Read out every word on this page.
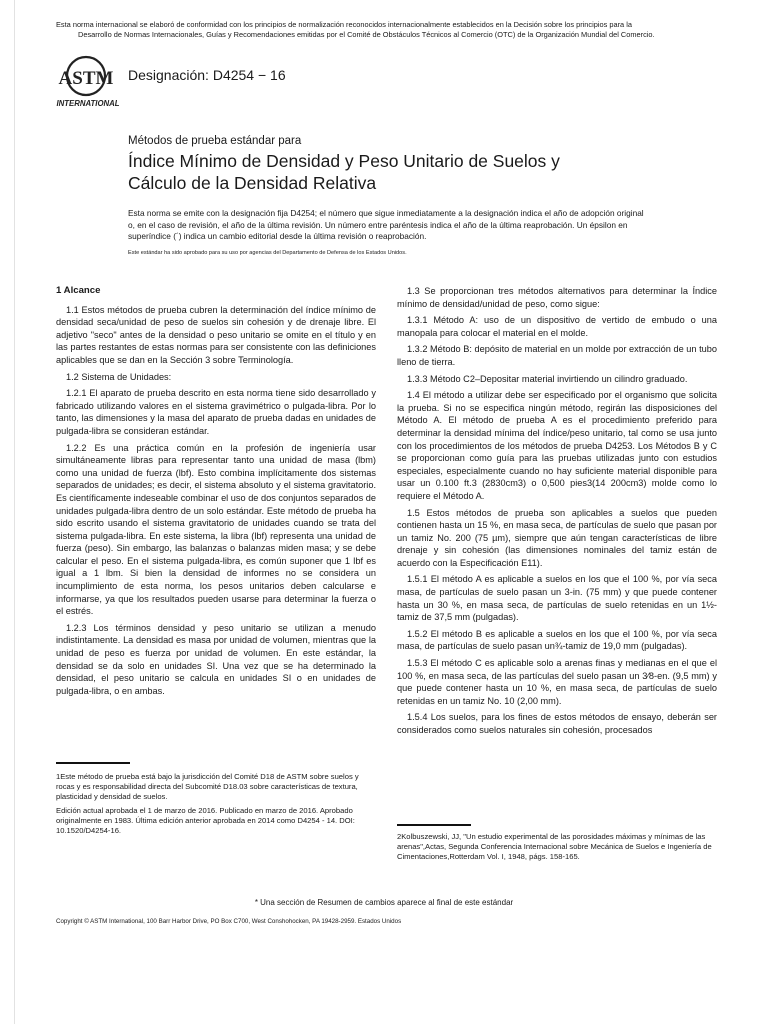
Esta norma internacional se elaboró de conformidad con los principios de normalización reconocidos internacionalmente establecidos en la Decisión sobre los principios para la
Desarrollo de Normas Internacionales, Guías y Recomendaciones emitidas por el Comité de Obstáculos Técnicos al Comercio (OTC) de la Organización Mundial del Comercio.
ASTM
INTERNATIONAL
Designación: D4254 − 16
Métodos de prueba estándar para
Índice Mínimo de Densidad y Peso Unitario de Suelos y
Cálculo de la Densidad Relativa
Esta norma se emite con la designación fija D4254; el número que sigue inmediatamente a la designación indica el año de adopción original o, en el caso de revisión, el año de la última revisión. Un número entre paréntesis indica el año de la última reaprobación. Un épsilon en superíndice (´) indica un cambio editorial desde la última revisión o reaprobación.
Este estándar ha sido aprobado para su uso por agencias del Departamento de Defensa de los Estados Unidos.

1 Alcance

1.1 Estos métodos de prueba cubren la determinación del índice mínimo de densidad seca/unidad de peso de suelos sin cohesión y de drenaje libre. El adjetivo "seco" antes de la densidad o peso unitario se omite en el título y en las partes restantes de estas normas para ser consistente con las definiciones aplicables que se dan en la Sección 3 sobre Terminología.

1.2 Sistema de Unidades:

1.2.1 El aparato de prueba descrito en esta norma tiene sido desarrollado y fabricado utilizando valores en el sistema gravimétrico o pulgada-libra. Por lo tanto, las dimensiones y la masa del aparato de prueba dadas en unidades de pulgada-libra se consideran estándar.

1.2.2 Es una práctica común en la profesión de ingeniería usar simultáneamente libras para representar tanto una unidad de masa (lbm) como una unidad de fuerza (lbf). Esto combina implícitamente dos sistemas separados de unidades; es decir, el sistema absoluto y el sistema gravitatorio. Es científicamente indeseable combinar el uso de dos conjuntos separados de unidades pulgada-libra dentro de un solo estándar. Este método de prueba ha sido escrito usando el sistema gravitatorio de unidades cuando se trata del sistema pulgada-libra. En este sistema, la libra (lbf) representa una unidad de fuerza (peso). Sin embargo, las balanzas o balanzas miden masa; y se debe calcular el peso. En el sistema pulgada-libra, es común suponer que 1 lbf es igual a 1 lbm. Si bien la densidad de informes no se considera un incumplimiento de esta norma, los pesos unitarios deben calcularse e informarse, ya que los resultados pueden usarse para determinar la fuerza o el estrés.

1.2.3 Los términos densidad y peso unitario se utilizan a menudo indistintamente. La densidad es masa por unidad de volumen, mientras que la unidad de peso es fuerza por unidad de volumen. En este estándar, la densidad se da solo en unidades SI. Una vez que se ha determinado la densidad, el peso unitario se calcula en unidades SI o en unidades de pulgada-libra, o en ambas.

1.3 Se proporcionan tres métodos alternativos para determinar la Índice mínimo de densidad/unidad de peso, como sigue:

1.3.1 Método A: uso de un dispositivo de vertido de embudo o una manopala para colocar el material en el molde.

1.3.2 Método B: depósito de material en un molde por extracción de un tubo lleno de tierra.

1.3.3 Método C2–Depositar material invirtiendo un cilindro graduado.

1.4 El método a utilizar debe ser especificado por el organismo que solicita la prueba. Si no se especifica ningún método, regirán las disposiciones del Método A. El método de prueba A es el procedimiento preferido para determinar la densidad mínima del índice/peso unitario, tal como se usa junto con los procedimientos de los métodos de prueba D4253. Los Métodos B y C se proporcionan como guía para las pruebas utilizadas junto con estudios especiales, especialmente cuando no hay suficiente material disponible para usar un 0.100 ft.3 (2830cm3) o 0,500 pies3(14 200cm3) molde como lo requiere el Método A.

1.5 Estos métodos de prueba son aplicables a suelos que pueden contienen hasta un 15 %, en masa seca, de partículas de suelo que pasan por un tamiz No. 200 (75 µm), siempre que aún tengan características de libre drenaje y sin cohesión (las dimensiones nominales del tamiz están de acuerdo con la Especificación E11).

1.5.1 El método A es aplicable a suelos en los que el 100 %, por vía seca masa, de partículas de suelo pasan un 3-in. (75 mm) y que puede contener hasta un 30 %, en masa seca, de partículas de suelo retenidas en un 1½-tamiz de 37,5 mm (pulgadas).

1.5.2 El método B es aplicable a suelos en los que el 100 %, por vía seca masa, de partículas de suelo pasan un¾-tamiz de 19,0 mm (pulgadas).

1.5.3 El método C es aplicable solo a arenas finas y medianas en el que el 100 %, en masa seca, de las partículas del suelo pasan un 3⁄8-en. (9,5 mm) y que puede contener hasta un 10 %, en masa seca, de partículas de suelo retenidas en un tamiz No. 10 (2,00 mm).

1.5.4 Los suelos, para los fines de estos métodos de ensayo, deberán ser considerados como suelos naturales sin cohesión, procesados

1Este método de prueba está bajo la jurisdicción del Comité D18 de ASTM sobre suelos y rocas y es responsabilidad directa del Subcomité D18.03 sobre características de textura, plasticidad y densidad de suelos.

Edición actual aprobada el 1 de marzo de 2016. Publicado en marzo de 2016. Aprobado originalmente en 1983. Última edición anterior aprobada en 2014 como D4254 - 14. DOI: 10.1520/D4254-16.

2Kolbuszewski, JJ, "Un estudio experimental de las porosidades máximas y mínimas de las arenas",Actas, Segunda Conferencia Internacional sobre Mecánica de Suelos e Ingeniería de Cimentaciones,Rotterdam Vol. I, 1948, págs. 158-165.

* Una sección de Resumen de cambios aparece al final de este estándar
Copyright © ASTM International, 100 Barr Harbor Drive, PO Box C700, West Conshohocken, PA 19428-2959. Estados Unidos
